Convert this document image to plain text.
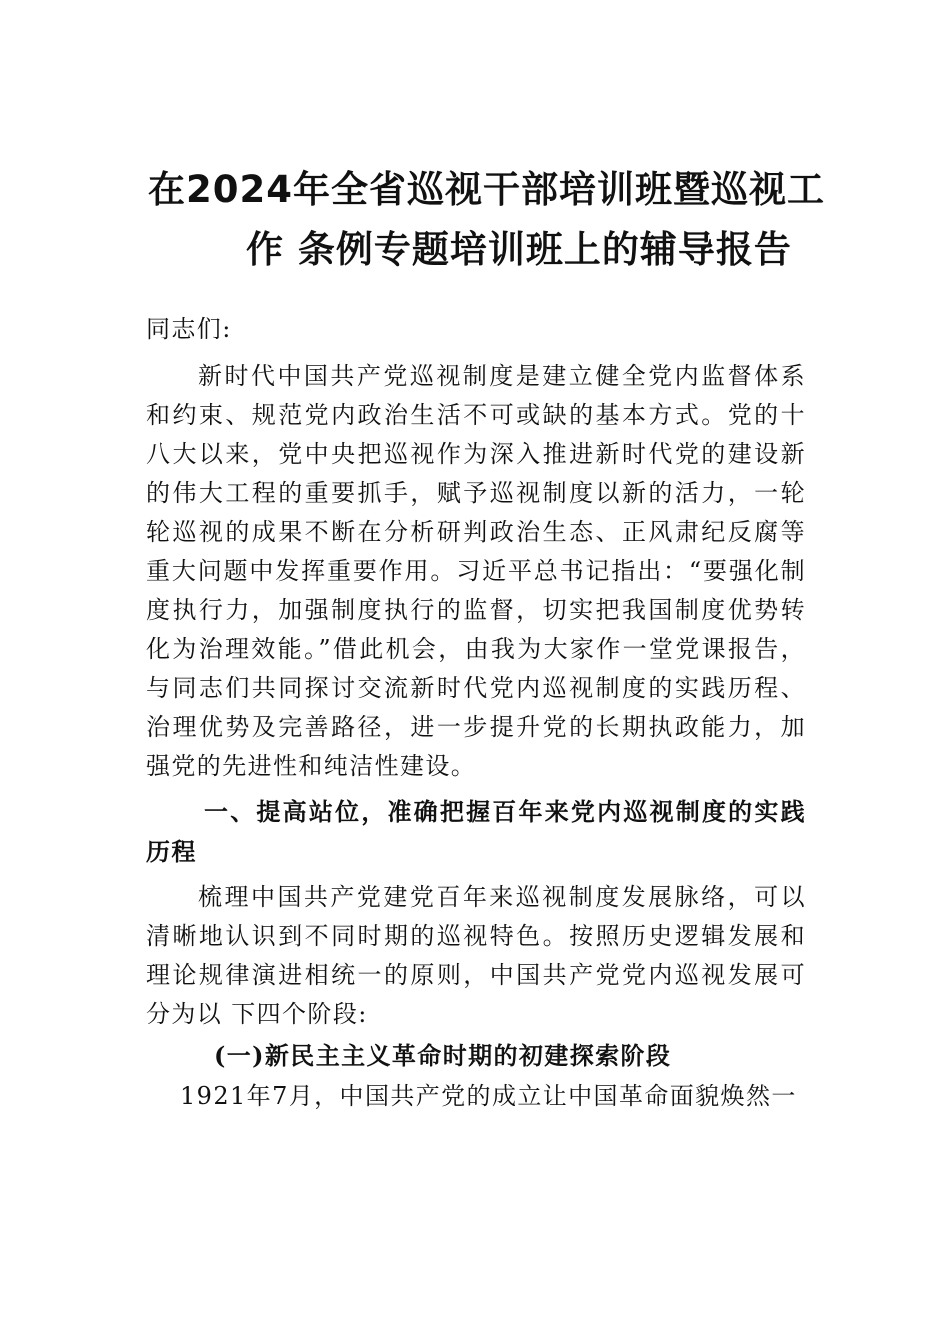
在2024年全省巡视干部培训班暨巡视工
作 条例专题培训班上的辅导报告

同志们:

新时代中国共产党巡视制度是建立健全党内监督体系和约束、规范党内政治生活不可或缺的基本方式。党的十八大以来，党中央把巡视作为深入推进新时代党的建设新的伟大工程的重要抓手，赋予巡视制度以新的活力，一轮轮巡视的成果不断在分析研判政治生态、正风肃纪反腐等重大问题中发挥重要作用。习近平总书记指出：“要强化制度执行力，加强制度执行的监督，切实把我国制度优势转化为治理效能。”借此机会，由我为大家作一堂党课报告，与同志们共同探讨交流新时代党内巡视制度的实践历程、治理优势及完善路径，进一步提升党的长期执政能力，加强党的先进性和纯洁性建设。

一、提高站位，准确把握百年来党内巡视制度的实践历程

梳理中国共产党建党百年来巡视制度发展脉络，可以清晰地认识到不同时期的巡视特色。按照历史逻辑发展和理论规律演进相统一的原则，中国共产党党内巡视发展可分为以 下四个阶段:

(一)新民主主义革命时期的初建探索阶段

1921年7月，中国共产党的成立让中国革命面貌焕然一
